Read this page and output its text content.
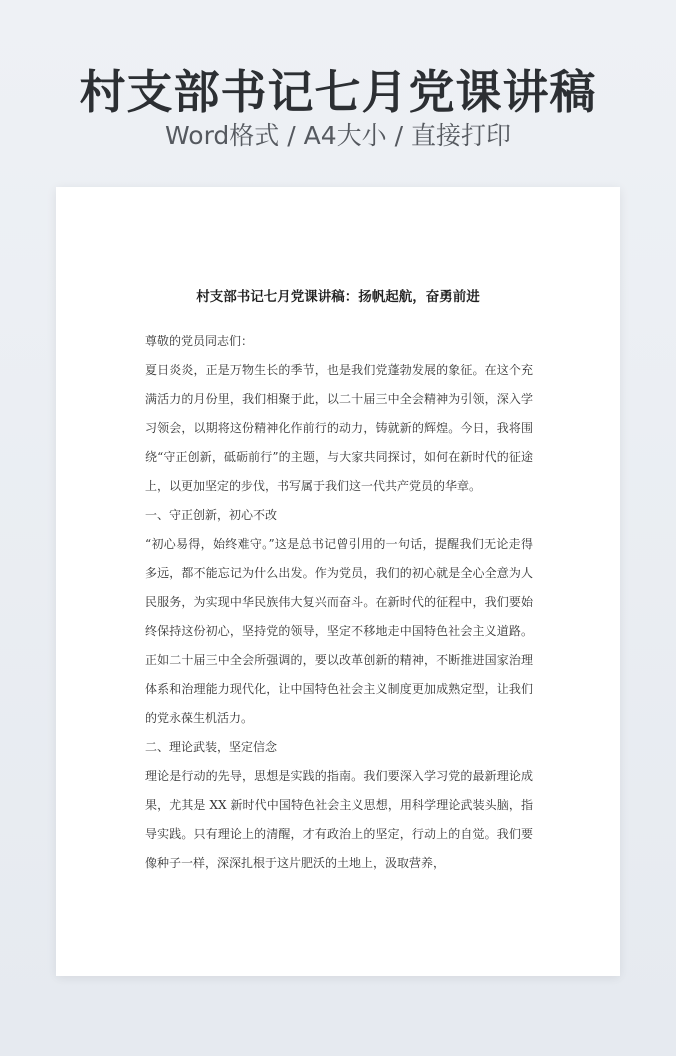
村支部书记七月党课讲稿
Word格式 / A4大小 / 直接打印
村支部书记七月党课讲稿：扬帆起航，奋勇前进

尊敬的党员同志们：

夏日炎炎，正是万物生长的季节，也是我们党蓬勃发展的象征。在这个充满活力的月份里，我们相聚于此，以二十届三中全会精神为引领，深入学习领会，以期将这份精神化作前行的动力，铸就新的辉煌。今日，我将围绕“守正创新，砥砺前行”的主题，与大家共同探讨，如何在新时代的征途上，以更加坚定的步伐，书写属于我们这一代共产党员的华章。

一、守正创新，初心不改

“初心易得，始终难守。”这是总书记曾引用的一句话，提醒我们无论走得多远，都不能忘记为什么出发。作为党员，我们的初心就是全心全意为人民服务，为实现中华民族伟大复兴而奋斗。在新时代的征程中，我们要始终保持这份初心，坚持党的领导，坚定不移地走中国特色社会主义道路。正如二十届三中全会所强调的，要以改革创新的精神，不断推进国家治理体系和治理能力现代化，让中国特色社会主义制度更加成熟定型，让我们的党永葆生机活力。

二、理论武装，坚定信念

理论是行动的先导，思想是实践的指南。我们要深入学习党的最新理论成果，尤其是 XX 新时代中国特色社会主义思想，用科学理论武装头脑，指导实践。只有理论上的清醒，才有政治上的坚定，行动上的自觉。我们要像种子一样，深深扎根于这片肥沃的土地上，汲取营养，
